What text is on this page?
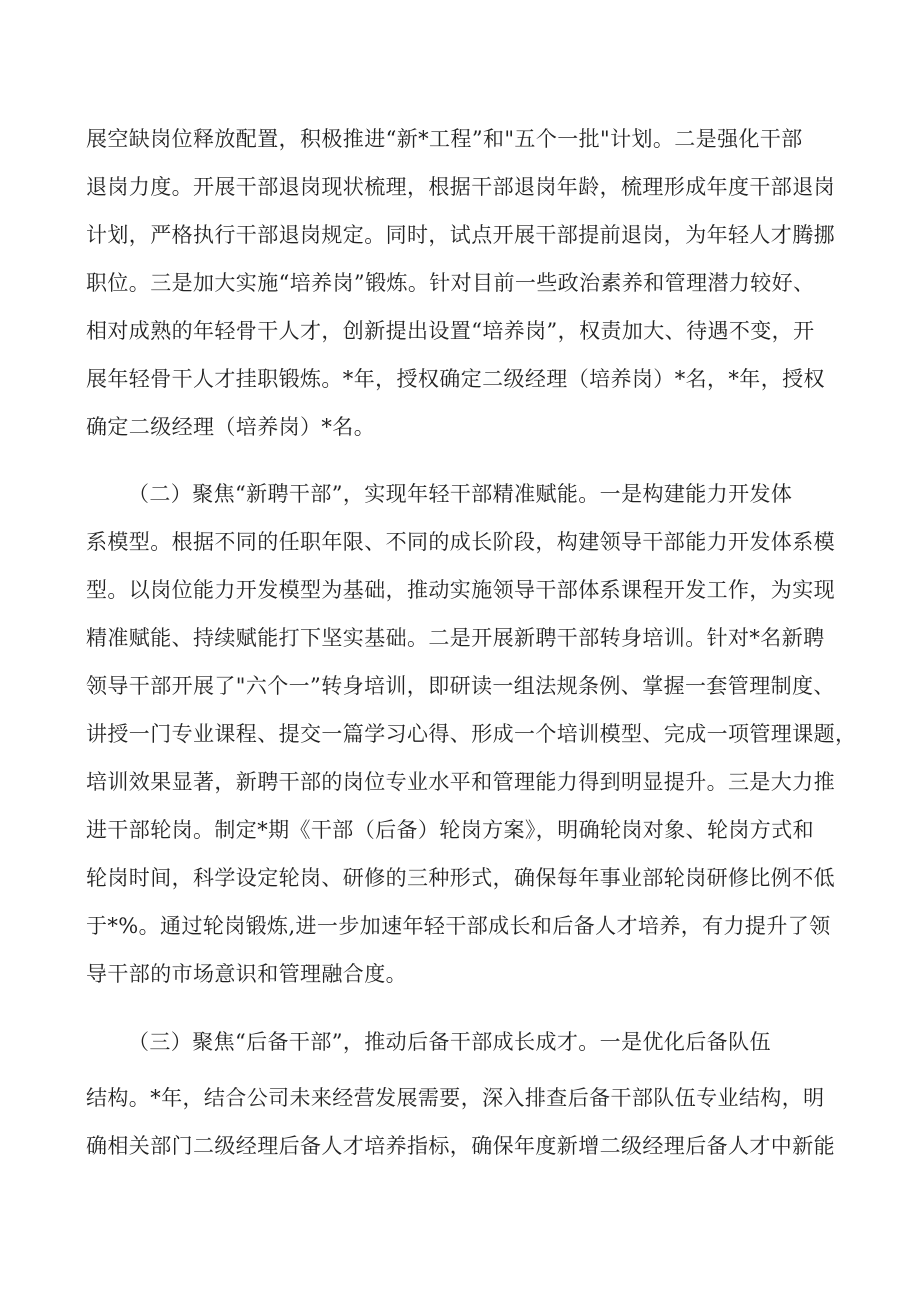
展空缺岗位释放配置，积极推进“新*工程”和"五个一批"计划。二是强化干部
退岗力度。开展干部退岗现状梳理，根据干部退岗年龄，梳理形成年度干部退岗
计划，严格执行干部退岗规定。同时，试点开展干部提前退岗，为年轻人才腾挪
职位。三是加大实施“培养岗”锻炼。针对目前一些政治素养和管理潜力较好、
相对成熟的年轻骨干人才，创新提出设置“培养岗”，权责加大、待遇不变，开
展年轻骨干人才挂职锻炼。*年，授权确定二级经理（培养岗）*名，*年，授权
确定二级经理（培养岗）*名。
（二）聚焦“新聘干部”，实现年轻干部精准赋能。一是构建能力开发体
系模型。根据不同的任职年限、不同的成长阶段，构建领导干部能力开发体系模
型。以岗位能力开发模型为基础，推动实施领导干部体系课程开发工作，为实现
精准赋能、持续赋能打下坚实基础。二是开展新聘干部转身培训。针对*名新聘
领导干部开展了"六个一”转身培训，即研读一组法规条例、掌握一套管理制度、
讲授一门专业课程、提交一篇学习心得、形成一个培训模型、完成一项管理课题，
培训效果显著，新聘干部的岗位专业水平和管理能力得到明显提升。三是大力推
进干部轮岗。制定*期《干部（后备）轮岗方案》，明确轮岗对象、轮岗方式和
轮岗时间，科学设定轮岗、研修的三种形式，确保每年事业部轮岗研修比例不低
于*%。通过轮岗锻炼,进一步加速年轻干部成长和后备人才培养，有力提升了领
导干部的市场意识和管理融合度。
（三）聚焦“后备干部”，推动后备干部成长成才。一是优化后备队伍
结构。*年，结合公司未来经营发展需要，深入排查后备干部队伍专业结构，明
确相关部门二级经理后备人才培养指标，确保年度新增二级经理后备人才中新能
